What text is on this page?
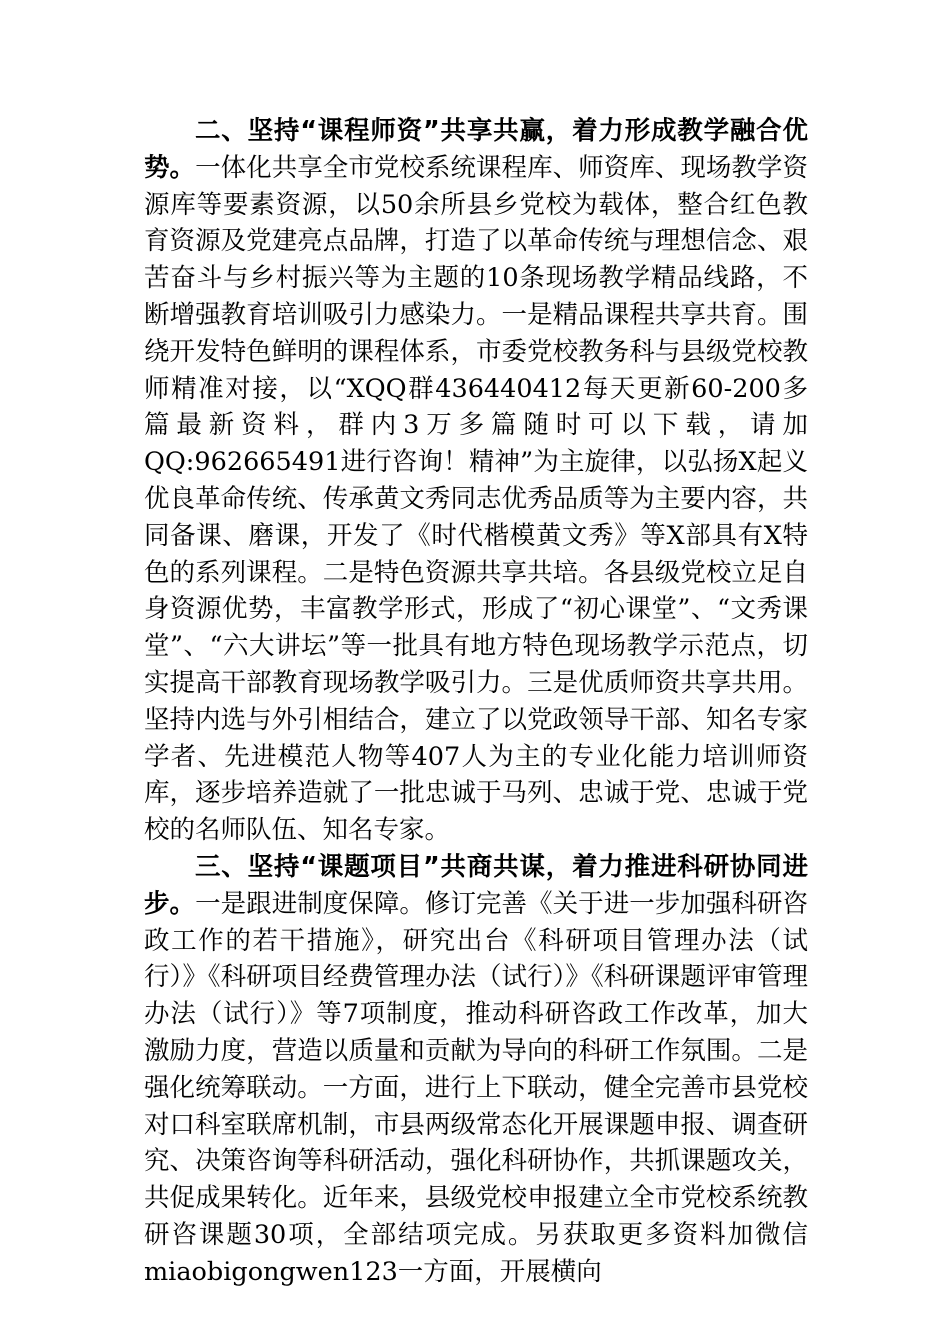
二、坚持“课程师资”共享共赢，着力形成教学融合优势。一体化共享全市党校系统课程库、师资库、现场教学资源库等要素资源，以50余所县乡党校为载体，整合红色教育资源及党建亮点品牌，打造了以革命传统与理想信念、艰苦奋斗与乡村振兴等为主题的10条现场教学精品线路，不断增强教育培训吸引力感染力。一是精品课程共享共育。围绕开发特色鲜明的课程体系，市委党校教务科与县级党校教师精准对接，以“XQQ群436440412每天更新60-200多篇最新资料，群内3万多篇随时可以下载，请加QQ:962665491进行咨询！精神”为主旋律，以弘扬X起义优良革命传统、传承黄文秀同志优秀品质等为主要内容，共同备课、磨课，开发了《时代楷模黄文秀》等X部具有X特色的系列课程。二是特色资源共享共培。各县级党校立足自身资源优势，丰富教学形式，形成了“初心课堂”、“文秀课堂”、“六大讲坛”等一批具有地方特色现场教学示范点，切实提高干部教育现场教学吸引力。三是优质师资共享共用。坚持内选与外引相结合，建立了以党政领导干部、知名专家学者、先进模范人物等407人为主的专业化能力培训师资库，逐步培养造就了一批忠诚于马列、忠诚于党、忠诚于党校的名师队伍、知名专家。

三、坚持“课题项目”共商共谋，着力推进科研协同进步。一是跟进制度保障。修订完善《关于进一步加强科研咨政工作的若干措施》，研究出台《科研项目管理办法（试行）》《科研项目经费管理办法（试行）》《科研课题评审管理办法（试行）》等7项制度，推动科研咨政工作改革，加大激励力度，营造以质量和贡献为导向的科研工作氛围。二是强化统筹联动。一方面，进行上下联动，健全完善市县党校对口科室联席机制，市县两级常态化开展课题申报、调查研究、决策咨询等科研活动，强化科研协作，共抓课题攻关，共促成果转化。近年来，县级党校申报建立全市党校系统教研咨课题30项，全部结项完成。另获取更多资料加微信miaobigongwen123一方面，开展横向
